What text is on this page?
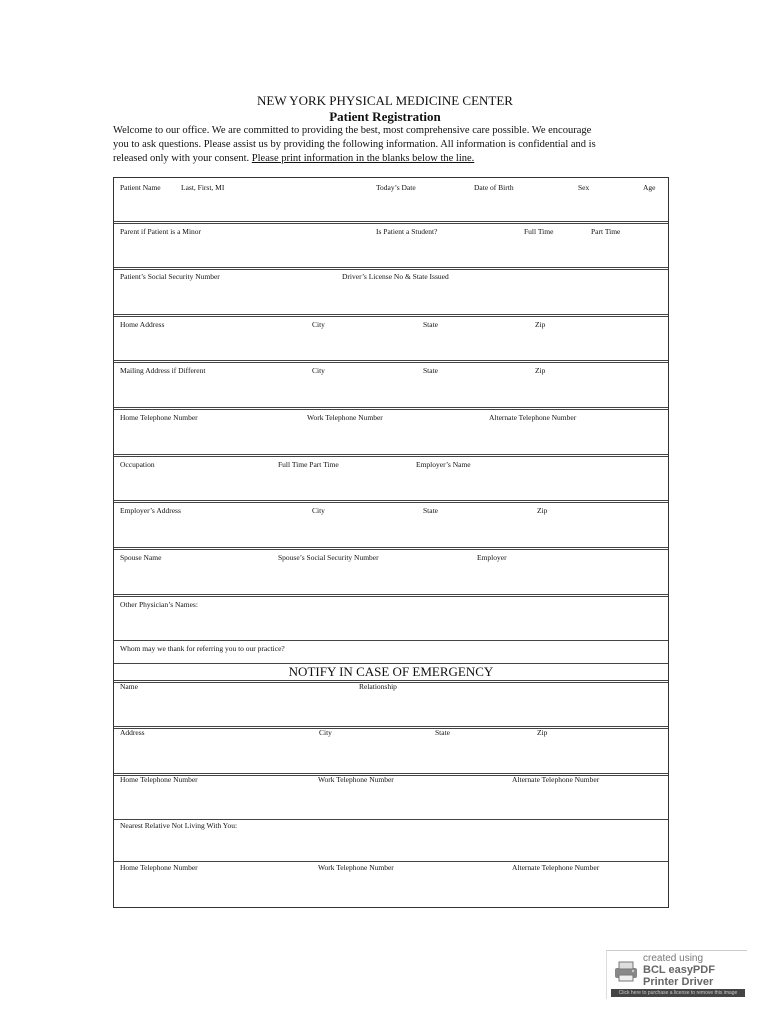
NEW YORK PHYSICAL MEDICINE CENTER
Patient Registration
Welcome to our office. We are committed to providing the best, most comprehensive care possible. We encourage
you to ask questions. Please assist us by providing the following information. All information is confidential and is
released only with your consent. Please print information in the blanks below the line.
Patient Name	Last, First, MI	Today’s Date	Date of Birth	Sex	Age
Parent if Patient is a Minor	Is Patient a Student?	Full Time	Part Time
Patient’s Social Security Number	Driver’s License No & State Issued
Home Address	City	State	Zip
Mailing Address if Different	City	State	Zip
Home Telephone Number	Work Telephone Number	Alternate Telephone Number
Occupation	Full Time Part Time	Employer’s Name
Employer’s Address	City	State	Zip
Spouse Name	Spouse’s Social Security Number	Employer
Other Physician’s Names:
Whom may we thank for referring you to our practice?
NOTIFY IN CASE OF EMERGENCY
Name	Relationship
Address	City	State	Zip
Home Telephone Number	Work Telephone Number	Alternate Telephone Number
Nearest Relative Not Living With You:
Home Telephone Number	Work Telephone Number	Alternate Telephone Number
created using
BCL easyPDF
Printer Driver
Click here to purchase a license to remove this image
